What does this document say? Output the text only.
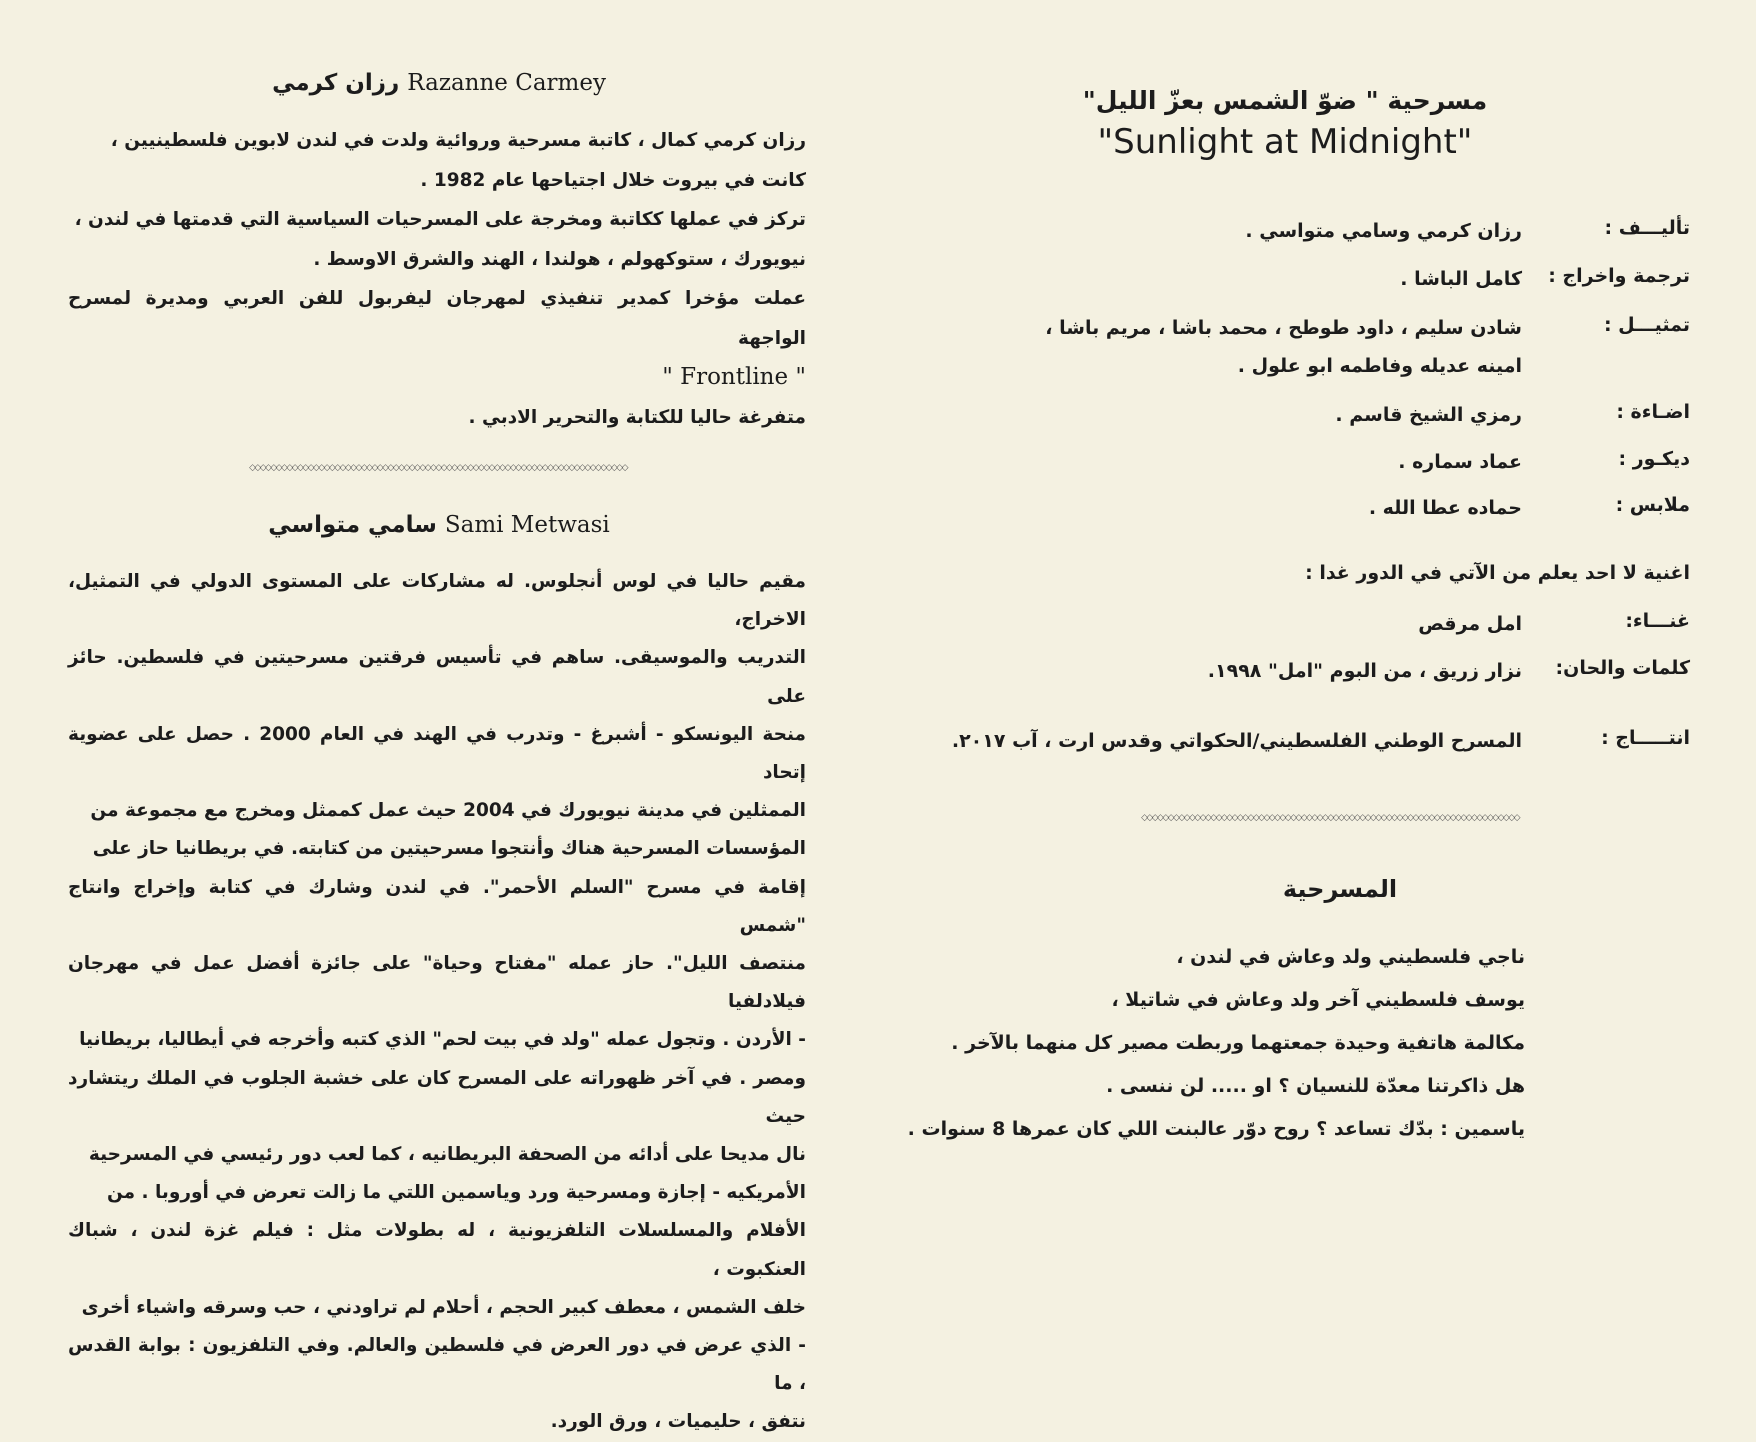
رزان كرمي Razanne Carmey

رزان كرمي كمال ، كاتبة مسرحية وروائية ولدت في لندن لابوين فلسطينيين ،

كانت في بيروت خلال اجتياحها عام 1982 .

تركز في عملها ككاتبة ومخرجة على المسرحيات السياسية التي قدمتها في لندن ،

نيويورك ، ستوكهولم ، هولندا ، الهند والشرق الاوسط .

عملت مؤخرا كمدير تنفيذي لمهرجان ليفربول للفن العربي ومديرة لمسرح الواجهة

" Frontline "

متفرغة حاليا للكتابة والتحرير الادبي .

◇◇◇◇◇◇◇◇◇◇◇◇◇◇◇◇◇◇◇◇◇◇◇◇◇◇◇◇◇◇◇◇◇◇◇◇◇◇◇◇◇◇◇◇◇◇◇◇◇◇◇◇◇◇◇◇◇◇◇◇◇◇◇◇◇◇◇◇◇◇◇
سامي متواسي Sami Metwasi

مقيم حاليا في لوس أنجلوس. له مشاركات على المستوى الدولي في التمثيل، الاخراج،

التدريب والموسيقى. ساهم في تأسيس فرقتين مسرحيتين في فلسطين. حائز على

منحة اليونسكو - أشبرغ - وتدرب في الهند في العام 2000 . حصل على عضوية إتحاد

الممثلين في مدينة نيويورك في 2004 حيث عمل كممثل ومخرج مع مجموعة من

المؤسسات المسرحية هناك وأنتجوا مسرحيتين من كتابته. في بريطانيا حاز على

إقامة في مسرح "السلم الأحمر". في لندن وشارك في كتابة وإخراج وانتاج "شمس

منتصف الليل". حاز عمله "مفتاح وحياة" على جائزة أفضل عمل في مهرجان فيلادلفيا

- الأردن . وتجول عمله "ولد في بيت لحم" الذي كتبه وأخرجه في أيطاليا، بريطانيا

ومصر . في آخر ظهوراته على المسرح كان على خشبة الجلوب في الملك ريتشارد حيث

نال مديحا على أدائه من الصحفة البريطانيه ، كما لعب دور رئيسي في المسرحية

الأمريكيه - إجازة ومسرحية ورد وياسمين اللتي ما زالت تعرض في أوروبا . من

الأفلام والمسلسلات التلفزيونية ، له بطولات مثل : فيلم غزة لندن ، شباك العنكبوت ،

خلف الشمس ، معطف كبير الحجم ، أحلام لم تراودني ، حب وسرقه واشياء أخرى

- الذي عرض في دور العرض في فلسطين والعالم. وفي التلفزيون : بوابة القدس ، ما

نتفق ، حليميات ، ورق الورد.

مسرحية " ضوّ الشمس بعزّ الليل"
"Sunlight at Midnight"
تأليـــف :
رزان كرمي وسامي متواسي .
ترجمة واخراج :
كامل الباشا .
تمثيـــل :
شادن سليم ، داود طوطح ، محمد باشا ، مريم باشا ،
امينه عديله وفاطمه ابو علول .
اضـاءة :
رمزي الشيخ قاسم .
ديكـور :
عماد سماره .
ملابس :
حماده عطا الله .
اغنية لا احد يعلم من الآتي في الدور غدا :
غنـــاء:
امل مرقص
كلمات والحان:
نزار زريق ، من البوم "امل" ١٩٩٨.
انتـــــاج :
المسرح الوطني الفلسطيني/الحكواتي وقدس ارت ، آب ٢٠١٧.
◇◇◇◇◇◇◇◇◇◇◇◇◇◇◇◇◇◇◇◇◇◇◇◇◇◇◇◇◇◇◇◇◇◇◇◇◇◇◇◇◇◇◇◇◇◇◇◇◇◇◇◇◇◇◇◇◇◇◇◇◇◇◇◇◇◇◇◇◇◇◇
المسرحية

ناجي فلسطيني ولد وعاش في لندن ،

يوسف فلسطيني آخر ولد وعاش في شاتيلا ،

مكالمة هاتفية وحيدة جمعتهما وربطت مصير كل منهما بالآخر .

هل ذاكرتنا معدّة للنسيان ؟ او ..... لن ننسى .

ياسمين : بدّك تساعد ؟ روح دوّر عالبنت اللي كان عمرها 8 سنوات .
